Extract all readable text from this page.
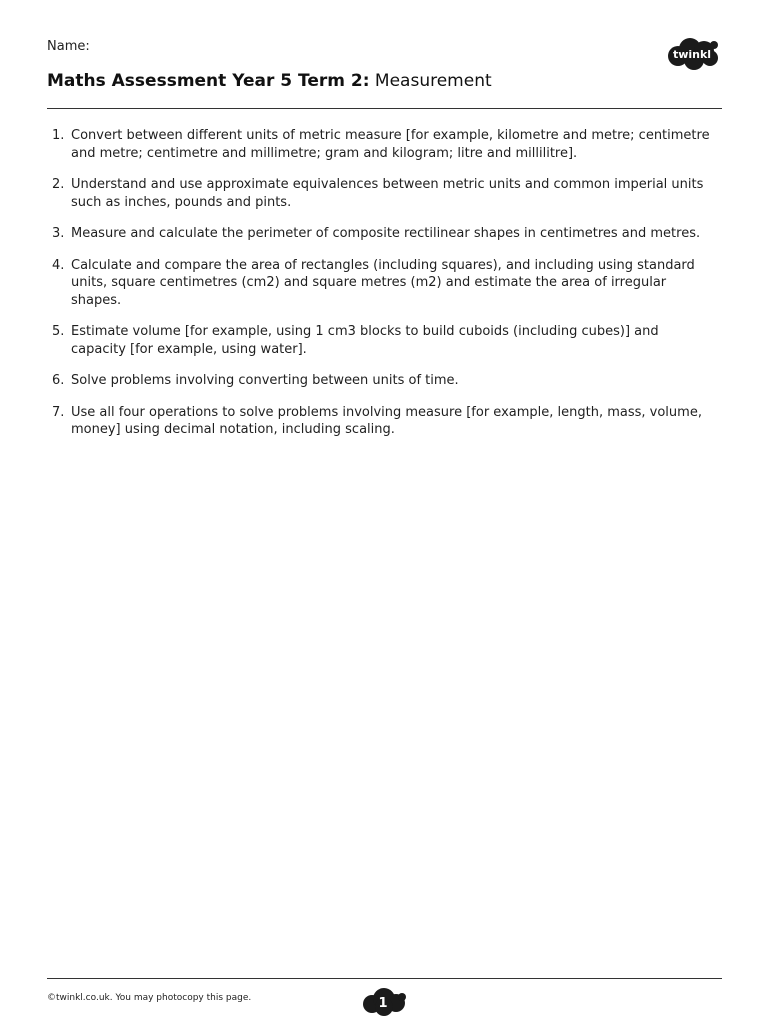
Name:
twinkl
Maths Assessment Year 5 Term 2: Measurement
1. Convert between different units of metric measure [for example, kilometre and metre; centimetre and metre; centimetre and millimetre; gram and kilogram; litre and millilitre].
2. Understand and use approximate equivalences between metric units and common imperial units such as inches, pounds and pints.
3. Measure and calculate the perimeter of composite rectilinear shapes in centimetres and metres.
4. Calculate and compare the area of rectangles (including squares), and including using standard units, square centimetres (cm2) and square metres (m2) and estimate the area of irregular shapes.
5. Estimate volume [for example, using 1 cm3 blocks to build cuboids (including cubes)] and capacity [for example, using water].
6. Solve problems involving converting between units of time.
7. Use all four operations to solve problems involving measure [for example, length, mass, volume, money] using decimal notation, including scaling.
©twinkl.co.uk. You may photocopy this page.	1
